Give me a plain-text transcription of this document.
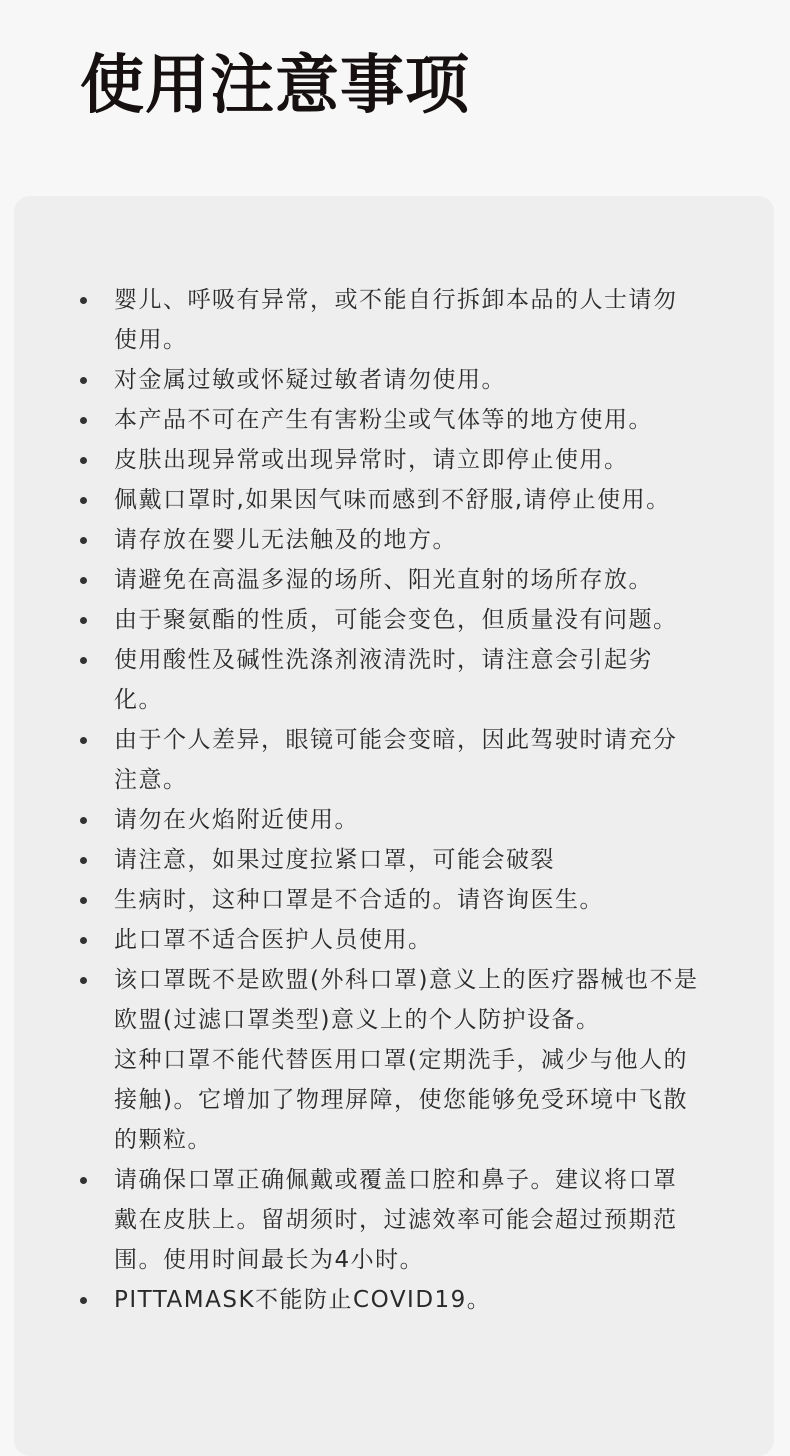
使用注意事项
婴儿、呼吸有异常，或不能自行拆卸本品的人士请勿使用。
对金属过敏或怀疑过敏者请勿使用。
本产品不可在产生有害粉尘或气体等的地方使用。
皮肤出现异常或出现异常时，请立即停止使用。
佩戴口罩时,如果因气味而感到不舒服,请停止使用。
请存放在婴儿无法触及的地方。
请避免在高温多湿的场所、阳光直射的场所存放。
由于聚氨酯的性质，可能会变色，但质量没有问题。
使用酸性及碱性洗涤剂液清洗时，请注意会引起劣化。
由于个人差异，眼镜可能会变暗，因此驾驶时请充分注意。
请勿在火焰附近使用。
请注意，如果过度拉紧口罩，可能会破裂
生病时，这种口罩是不合适的。请咨询医生。
此口罩不适合医护人员使用。
该口罩既不是欧盟(外科口罩)意义上的医疗器械也不是欧盟(过滤口罩类型)意义上的个人防护设备。
这种口罩不能代替医用口罩(定期洗手，减少与他人的接触)。它增加了物理屏障，使您能够免受环境中飞散的颗粒。
请确保口罩正确佩戴或覆盖口腔和鼻子。建议将口罩戴在皮肤上。留胡须时，过滤效率可能会超过预期范围。使用时间最长为4小时。
PITTAMASK不能防止COVID19。
